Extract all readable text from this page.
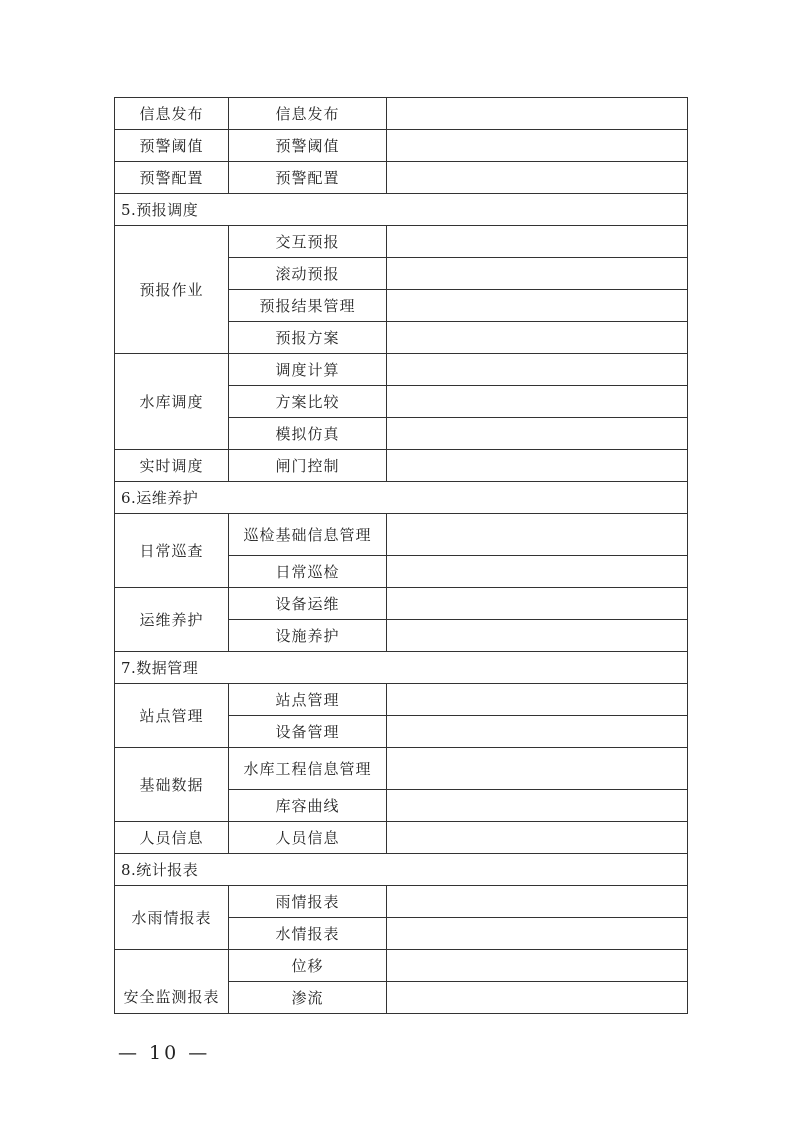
信息发布	信息发布	
预警阈值	预警阈值	
预警配置	预警配置	
5.预报调度		
预报作业	交互预报	
	滚动预报	
	预报结果管理	
	预报方案	
水库调度	调度计算	
	方案比较	
	模拟仿真	
实时调度	闸门控制	
6.运维养护		
日常巡查	巡检基础信息管理	
	日常巡检	
运维养护	设备运维	
	设施养护	
7.数据管理		
站点管理	站点管理	
	设备管理	
基础数据	水库工程信息管理	
	库容曲线	
人员信息	人员信息	
8.统计报表		
水雨情报表	雨情报表	
	水情报表	
安全监测报表	位移	
	渗流	
— 10 —
